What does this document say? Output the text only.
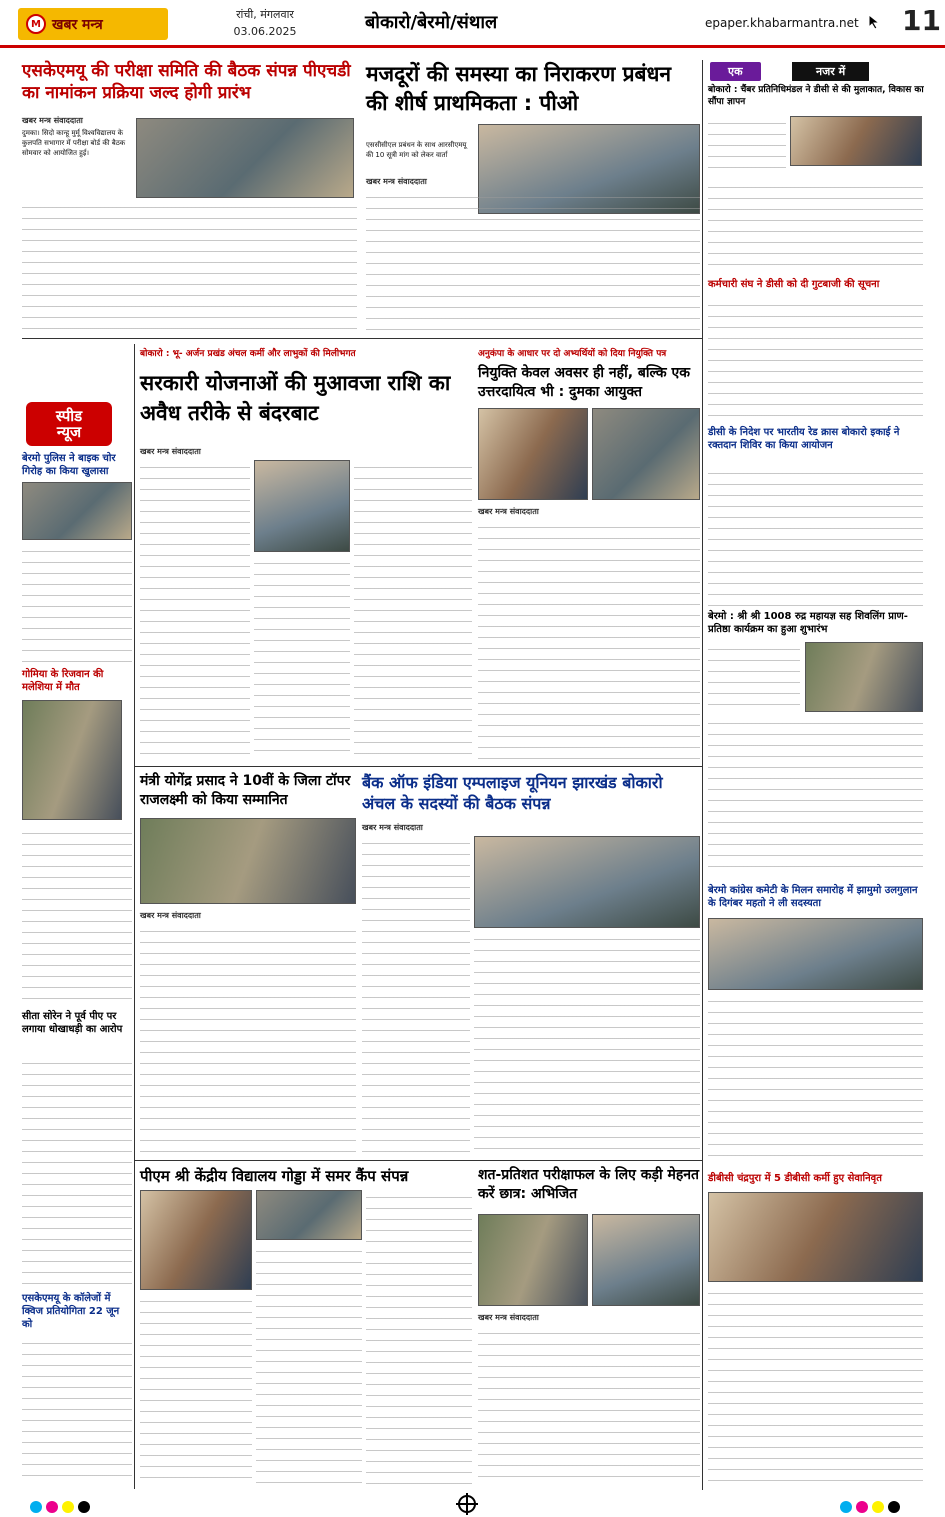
M खबर मन्त्र
रांची, मंगलवार
03.06.2025	बोकारो/बेरमो/संथाल	epaper.khabarmantra.net 11
एसकेएमयू की परीक्षा समिति की बैठक संपन्न पीएचडी का नामांकन प्रक्रिया जल्द होगी प्रारंभ
खबर मन्त्र संवाददाता
दुमका। सिदो कान्हू मुर्मू विश्वविद्यालय के कुलपति सभागार में परीक्षा बोर्ड की बैठक सोमवार को आयोजित हुई।
मजदूरों की समस्या का निराकरण प्रबंधन की शीर्ष प्राथमिकता : पीओ
एससीसीएल प्रबंधन के साथ आरसीएमयू की 10 सूत्री मांग को लेकर वार्ता
खबर मन्त्र संवाददाता
एक	नजर में
बोकारो : चैंबर प्रतिनिधिमंडल ने डीसी से की मुलाकात, विकास का सौंपा ज्ञापन
कर्मचारी संघ ने डीसी को दी गुटबाजी की सूचना
डीसी के निदेश पर भारतीय रेड क्रास बोकारो इकाई ने रक्तदान शिविर का किया आयोजन
बेरमो : श्री श्री 1008 रुद्र महायज्ञ सह शिवलिंग प्राण-प्रतिष्ठा कार्यक्रम का हुआ शुभारंभ
बेरमो कांग्रेस कमेटी के मिलन समारोह में झामुमो उलगुलान के दिगंबर महतो ने ली सदस्यता
डीबीसी चंद्रपुरा में 5 डीबीसी कर्मी हुए सेवानिवृत
स्पीड
न्यूज
बेरमो पुलिस ने बाइक चोर गिरोह का किया खुलासा
गोमिया के रिजवान की मलेशिया में मौत
सीता सोरेन ने पूर्व पीए पर लगाया धोखाधड़ी का आरोप
एसकेएमयू के कॉलेजों में क्विज प्रतियोगिता 22 जून को
बोकारो : भू- अर्जन प्रखंड अंचल कर्मी और लाभुकों की मिलीभगत
सरकारी योजनाओं की मुआवजा राशि का अवैध तरीके से बंदरबाट
खबर मन्त्र संवाददाता
अनुकंपा के आधार पर दो अभ्यर्थियों को दिया नियुक्ति पत्र
नियुक्ति केवल अवसर ही नहीं, बल्कि एक उत्तरदायित्व भी : दुमका आयुक्त
खबर मन्त्र संवाददाता
मंत्री योगेंद्र प्रसाद ने 10वीं के जिला टॉपर राजलक्ष्मी को किया सम्मानित
खबर मन्त्र संवाददाता
बैंक ऑफ इंडिया एम्पलाइज यूनियन झारखंड बोकारो अंचल के सदस्यों की बैठक संपन्न
खबर मन्त्र संवाददाता
पीएम श्री केंद्रीय विद्यालय गोड्डा में समर कैंप संपन्न	शत-प्रतिशत परीक्षाफल के लिए कड़ी मेहनत करें छात्र: अभिजित
खबर मन्त्र संवाददाता
